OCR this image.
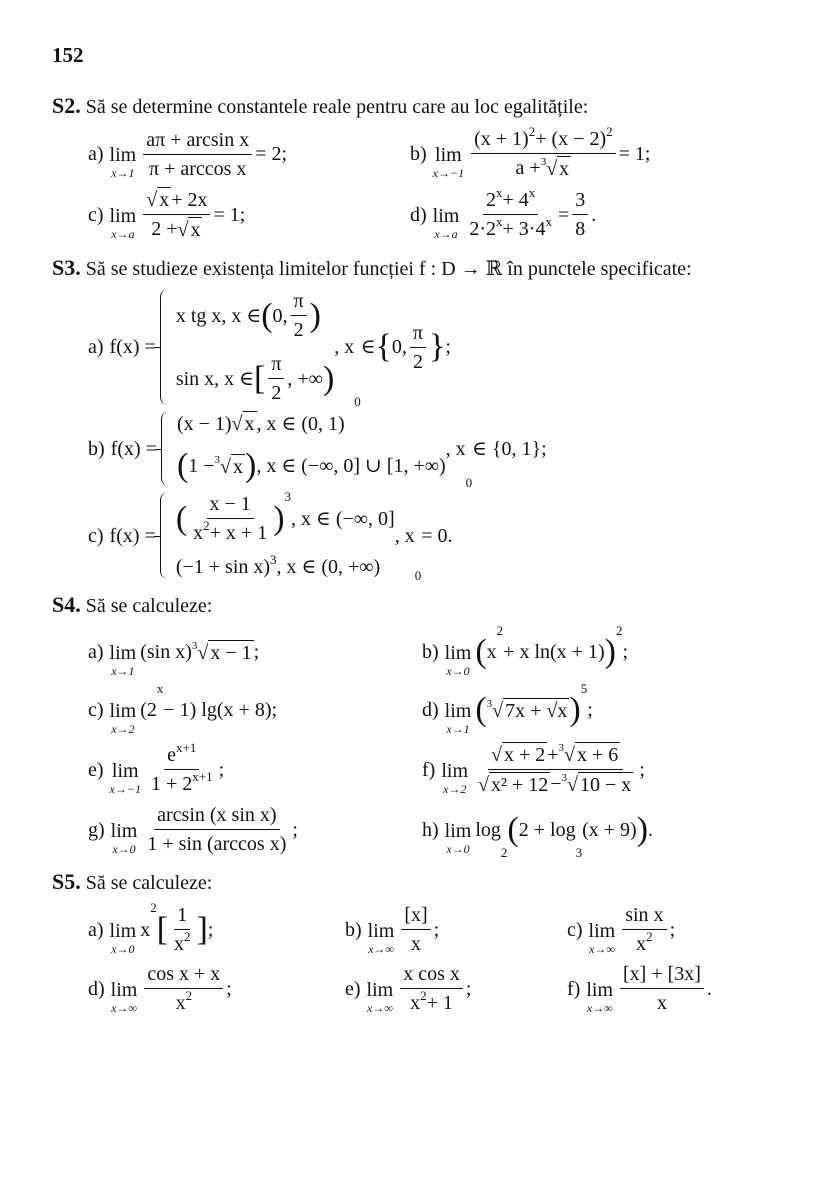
152
S2. Să se determine constantele reale pentru care au loc egalitățile:
a) lim
$x\to 1 \frac{\text{aπ + arcsin x}}{\text{π + arccos x}} = 2$;	b) lim
$x\to-1 \frac{(x + 1) 2 + (x - 2) 2}{a + 3 √ x} = 1$;
c) lim
$x\to a \frac{√ x + 2x}{2 + √ x} = 1$;	d) lim
$x\to a \frac{2 x + 4 x}{2\cdot 2 x + 3\cdot 4 x} = \frac{3}{8}$ .
S3. Să se studieze existența limitelor funcției f : D → ℝ în punctele specificate:
a) f(x) =
x tg x, x ∈ ( 0, $\frac{\pi}{2}$ )
sin x, x ∈ [ $\frac{\pi}{2}$ , +∞ )
, x
0
∈ { 0, $\frac{\pi}{2}$ } ;
b) f(x) =
(x − 1) √ x , x ∈ (0, 1)
( 1 − 3 √ x ) , x ∈ (−∞, 0] ∪ [1, +∞)
, x
0
∈ {0, 1};
c) f(x) = ( $\frac{x - 1}{x 2 + x + 1}$ )
3
, x ∈ (−∞, 0]
(−1 + sin x) 3 , x ∈ (0, +∞)
, x
0
= 0.
S4. Să se calculeze:
a) lim
x→1
(sin x) 3 √ x − 1 ;	b) lim
x→0
( x
2
+ x ln(x + 1) )
2
;
c) lim
x→2
(2
x
− 1) lg(x + 8);	d) lim
x→1
( 3 √ 7x + √x )
5
;
e) lim
$x\to-1 \frac{\text{e x+1}}{1 + 2 x+1}$ ;	f) lim
$x\to 2 \frac{√ x + 2 + 3 √ x + 6}{\text{√ x² + 12 − 3 √ 10 − x}}$ ;
g) lim
$x\to 0 \frac{\text{arcsin (x sin x)}}{\text{1 + sin (arccos x)}}$ ;	h) lim
x→0
log
2
( 2 + log
3
(x + 9) ) .
S5. Să se calculeze:
a) lim
x→0
x
2
[ $\frac{1}{x 2}$ ] ;	b) lim
$x\to\infty \frac{[x]}{x}$ ;	c) lim
$x\to\infty \frac{\text{sin x}}{x 2}$ ;
d) lim
$x\to\infty \frac{\text{cos x + x}}{x 2}$ ;	e) lim
$x\to\infty \frac{\text{x cos x}}{x 2 + 1}$ ;	f) lim
$x\to\infty \frac{[x] + [3x]}{x}$ .
